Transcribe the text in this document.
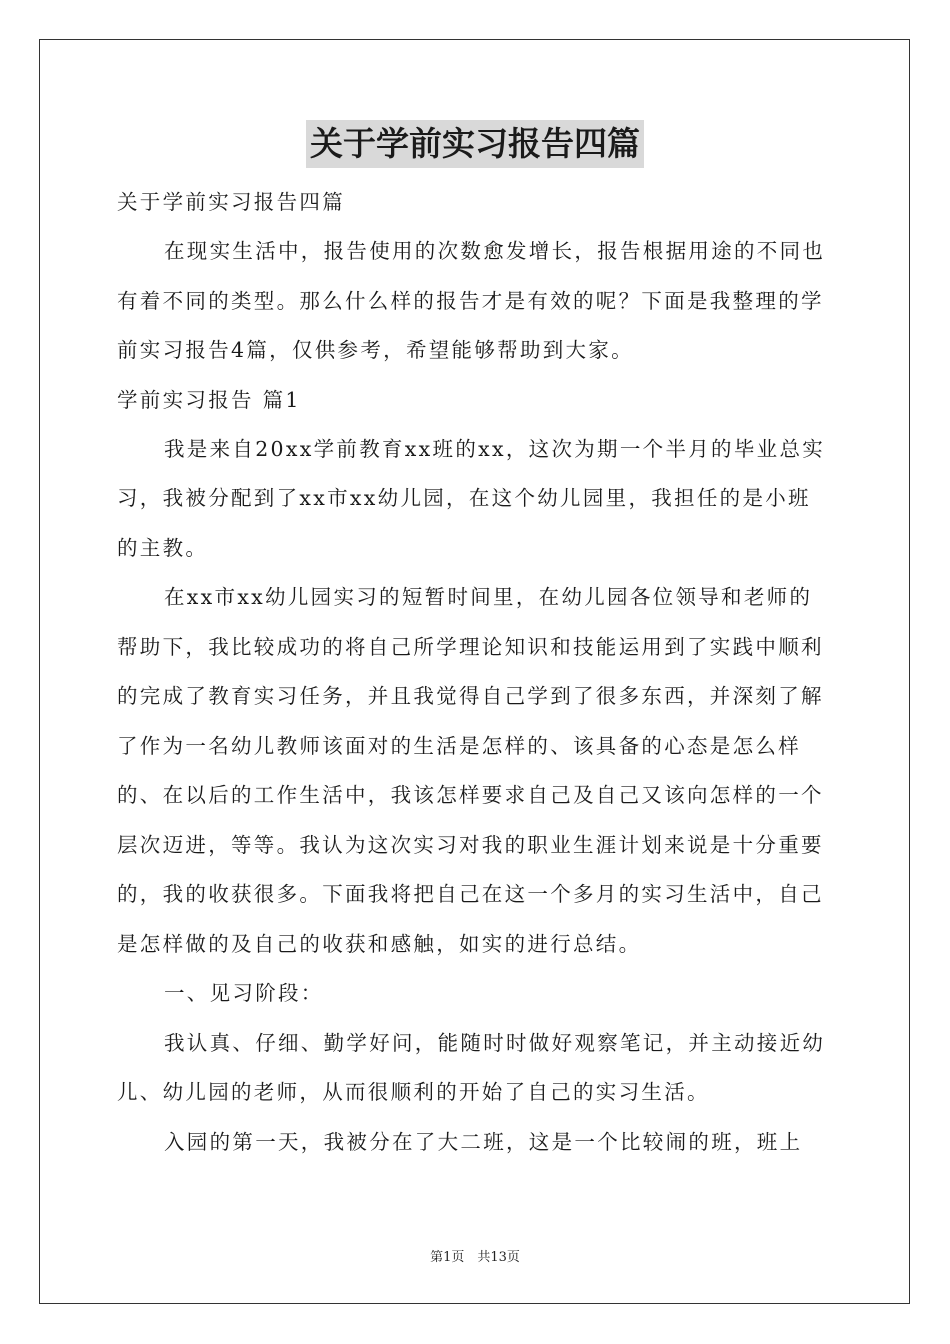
关于学前实习报告四篇

关于学前实习报告四篇

在现实生活中，报告使用的次数愈发增长，报告根据用途的不同也有着不同的类型。那么什么样的报告才是有效的呢？下面是我整理的学前实习报告4篇，仅供参考，希望能够帮助到大家。

学前实习报告 篇1

我是来自20xx学前教育xx班的xx，这次为期一个半月的毕业总实习，我被分配到了xx市xx幼儿园，在这个幼儿园里，我担任的是小班的主教。

在xx市xx幼儿园实习的短暂时间里，在幼儿园各位领导和老师的帮助下，我比较成功的将自己所学理论知识和技能运用到了实践中顺利的完成了教育实习任务，并且我觉得自己学到了很多东西，并深刻了解了作为一名幼儿教师该面对的生活是怎样的、该具备的心态是怎么样的、在以后的工作生活中，我该怎样要求自己及自己又该向怎样的一个层次迈进，等等。我认为这次实习对我的职业生涯计划来说是十分重要的，我的收获很多。下面我将把自己在这一个多月的实习生活中，自己是怎样做的及自己的收获和感触，如实的进行总结。

一、见习阶段：

我认真、仔细、勤学好问，能随时时做好观察笔记，并主动接近幼儿、幼儿园的老师，从而很顺利的开始了自己的实习生活。

入园的第一天，我被分在了大二班，这是一个比较闹的班，班上

第1页　共13页
